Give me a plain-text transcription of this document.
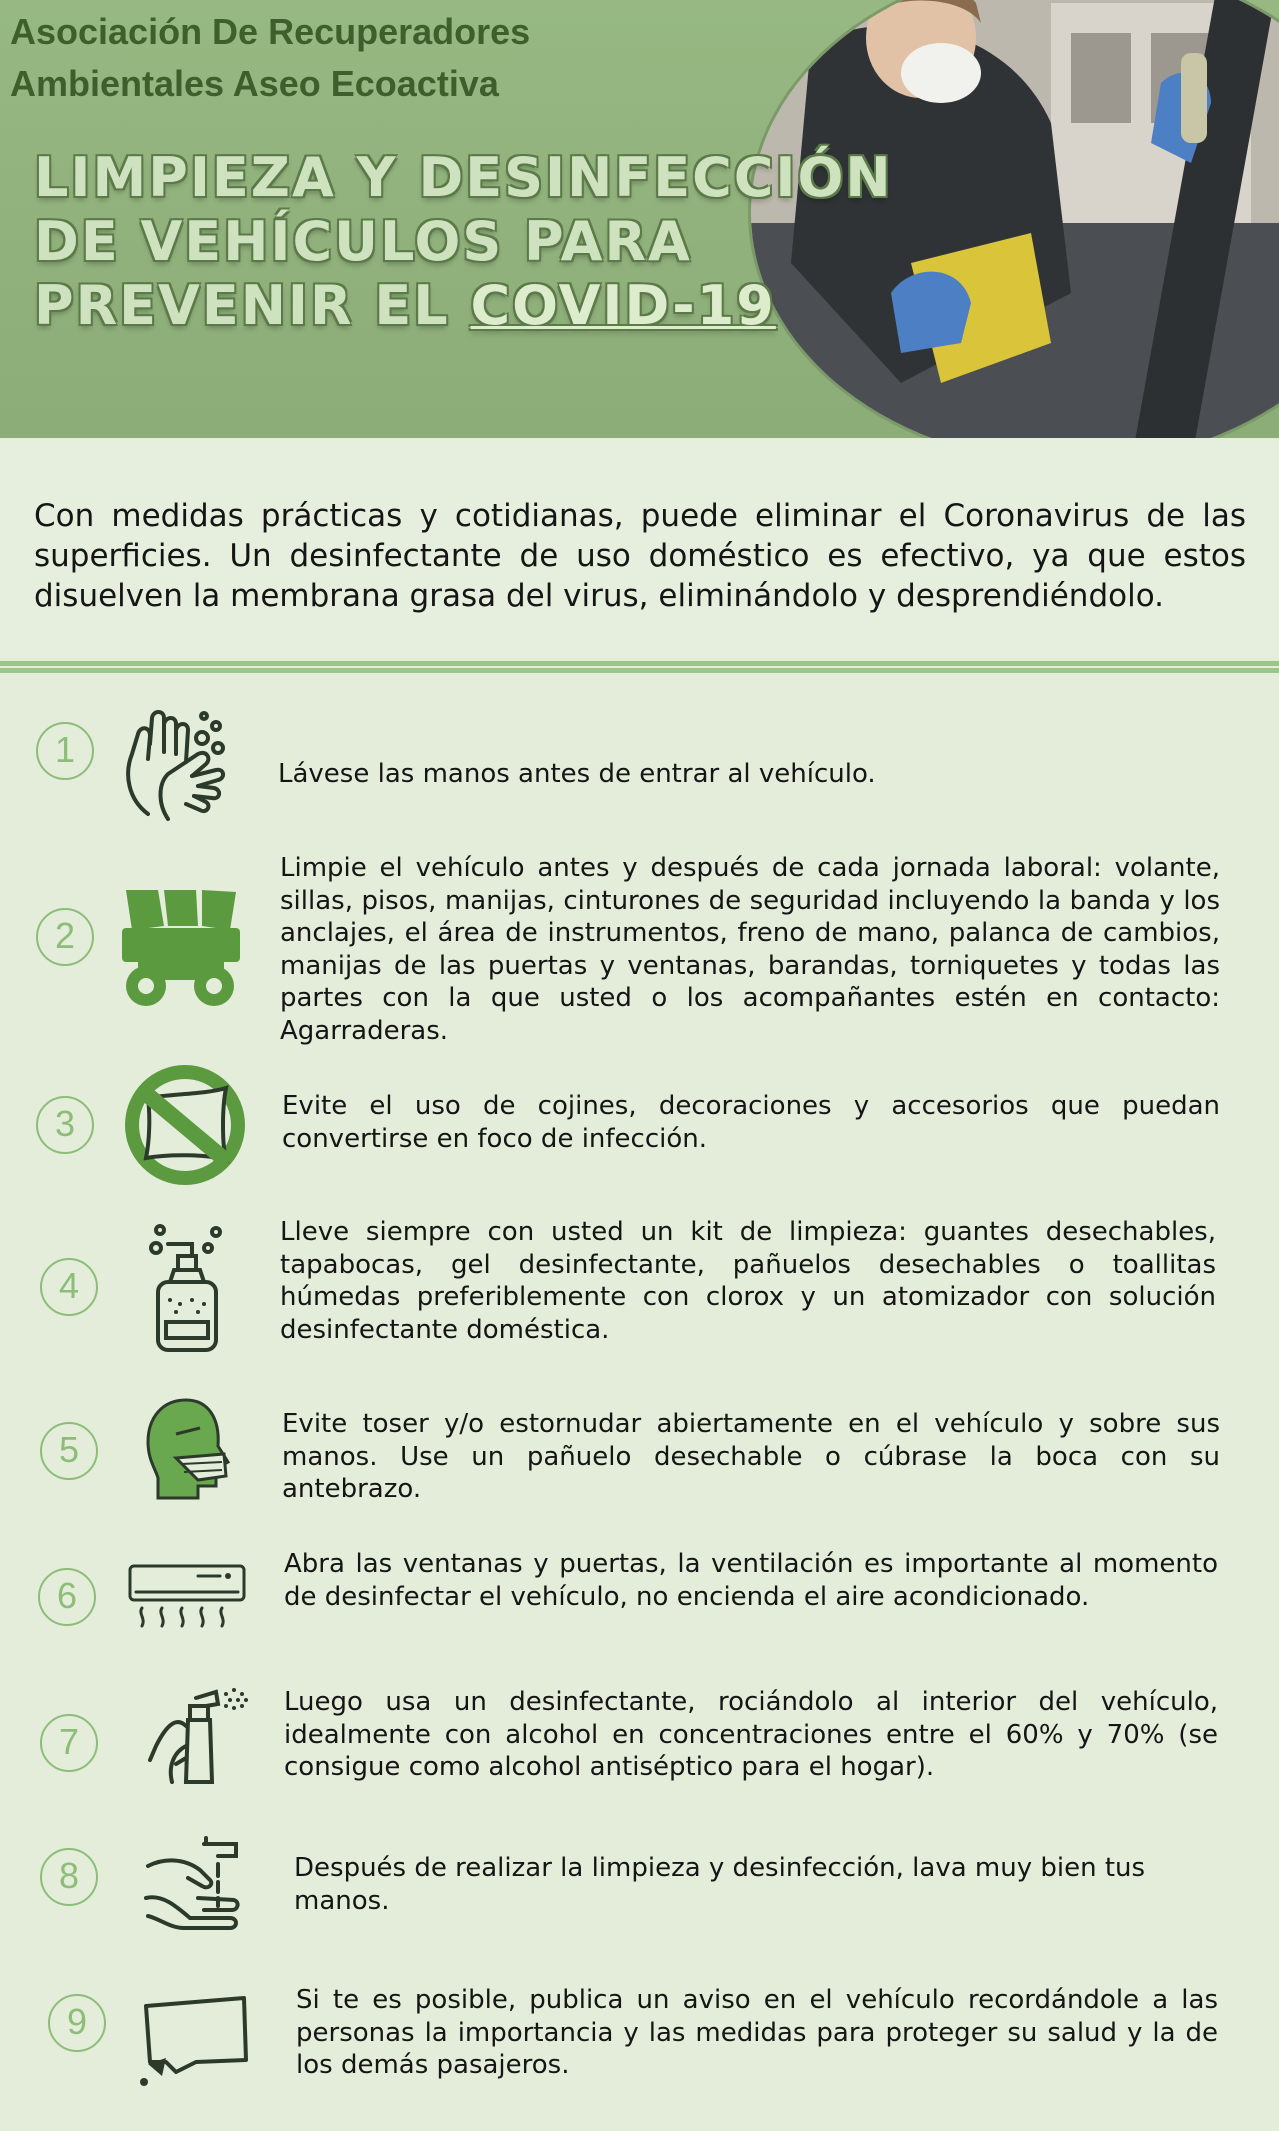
Asociación De Recuperadores
Ambientales Aseo Ecoactiva
LIMPIEZA Y DESINFECCIÓN
DE VEHÍCULOS PARA
PREVENIR EL COVID-19

Con medidas prácticas y cotidianas, puede eliminar el Coronavirus de las superficies. Un desinfectante de uso doméstico es efectivo, ya que estos disuelven la membrana grasa del virus, eliminándolo y desprendiéndolo.

1

Lávese las manos antes de entrar al vehículo.

2

Limpie el vehículo antes y después de cada jornada laboral: volante, sillas, pisos, manijas, cinturones de seguridad incluyendo la banda y los anclajes, el área de instrumentos, freno de mano, palanca de cambios, manijas de las puertas y ventanas, barandas, torniquetes y todas las partes con la que usted o los acompañantes estén en contacto: Agarraderas.

3	Evite el uso de cojines, decoraciones y accesorios que puedan convertirse en foco de infección.

4

Lleve siempre con usted un kit de limpieza: guantes desechables, tapabocas, gel desinfectante, pañuelos desechables o toallitas húmedas preferiblemente con clorox y un atomizador con solución desinfectante doméstica.

5

Evite toser y/o estornudar abiertamente en el vehículo y sobre sus manos. Use un pañuelo desechable o cúbrase la boca con su antebrazo.

6

Abra las ventanas y puertas, la ventilación es importante al momento de desinfectar el vehículo, no encienda el aire acondicionado.

7

Luego usa un desinfectante, rociándolo al interior del vehículo, idealmente con alcohol en concentraciones entre el 60% y 70% (se consigue como alcohol antiséptico para el hogar).

8	Después de realizar la limpieza y desinfección, lava muy bien tus manos.

9

Si te es posible, publica un aviso en el vehículo recordándole a las personas la importancia y las medidas para proteger su salud y la de los demás pasajeros.
